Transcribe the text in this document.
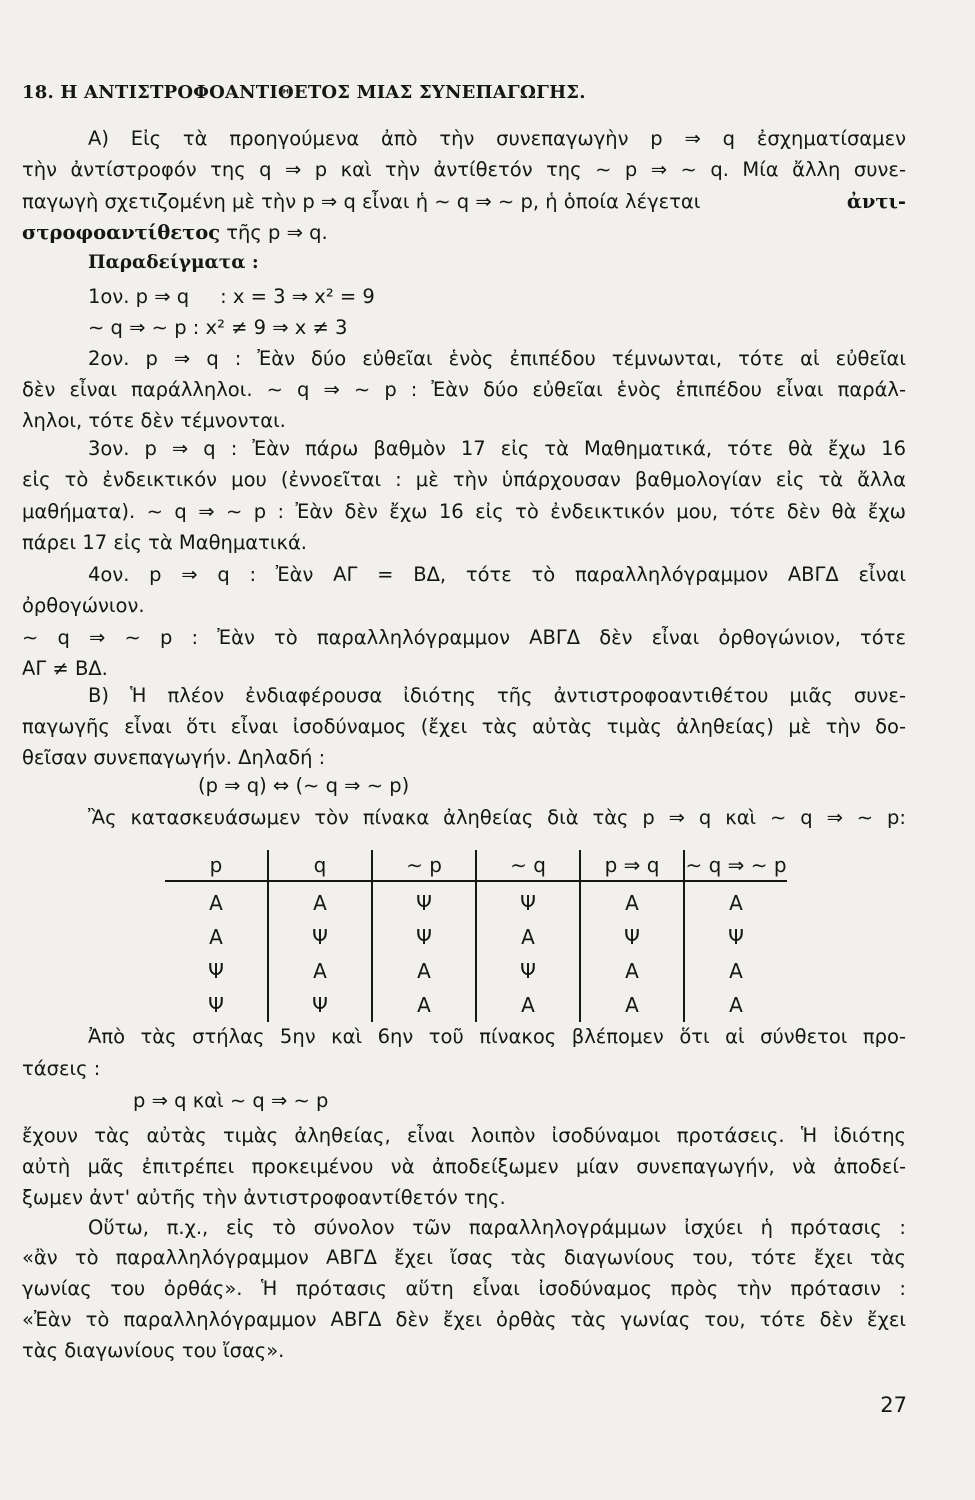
18. Η ΑΝΤΙΣΤΡΟΦΟΑΝΤΙΘΕΤΟΣ ΜΙΑΣ ΣΥΝΕΠΑΓΩΓΗΣ.
Α) Εἰς τὰ προηγούμενα ἀπὸ τὴν συνεπαγωγὴν p ⇒ q ἐσχηματίσαμεν
τὴν ἀντίστροφόν της q ⇒ p καὶ τὴν ἀντίθετόν της ∼ p ⇒ ∼ q. Μία ἄλλη συνε-
παγωγὴ σχετιζομένη μὲ τὴν p ⇒ q εἶναι ἡ ∼ q ⇒ ∼ p, ἡ ὁποία λέγεται	ἀντι-
στροφοαντίθετος τῆς p ⇒ q.
Παραδείγματα :
1ον. p ⇒ q     : x = 3 ⇒ x² = 9
∼ q ⇒ ∼ p : x² ≠ 9 ⇒ x ≠ 3
2ον. p ⇒ q : Ἐὰν δύο εὐθεῖαι ἑνὸς ἐπιπέδου τέμνωνται, τότε αἱ εὐθεῖαι
δὲν εἶναι παράλληλοι. ∼ q ⇒ ∼ p : Ἐὰν δύο εὐθεῖαι ἑνὸς ἐπιπέδου εἶναι παράλ-
ληλοι, τότε δὲν τέμνονται.
3ον. p ⇒ q : Ἐὰν πάρω βαθμὸν 17 εἰς τὰ Μαθηματικά, τότε θὰ ἔχω 16
εἰς τὸ ἐνδεικτικόν μου (ἐννοεῖται : μὲ τὴν ὑπάρχουσαν βαθμολογίαν εἰς τὰ ἄλλα
μαθήματα). ∼ q ⇒ ∼ p : Ἐὰν δὲν ἔχω 16 εἰς τὸ ἐνδεικτικόν μου, τότε δὲν θὰ ἔχω
πάρει 17 εἰς τὰ Μαθηματικά.
4ον. p ⇒ q : Ἐὰν ΑΓ = ΒΔ, τότε τὸ παραλληλόγραμμον ΑΒΓΔ εἶναι
ὀρθογώνιον.
∼ q ⇒ ∼ p : Ἐὰν τὸ παραλληλόγραμμον ΑΒΓΔ δὲν εἶναι ὀρθογώνιον, τότε
ΑΓ ≠ ΒΔ.
Β) Ἡ πλέον ἐνδιαφέρουσα ἰδιότης τῆς ἀντιστροφοαντιθέτου μιᾶς συνε-
παγωγῆς εἶναι ὅτι εἶναι ἰσοδύναμος (ἔχει τὰς αὐτὰς τιμὰς ἀληθείας) μὲ τὴν δο-
θεῖσαν συνεπαγωγήν. Δηλαδή :
(p ⇒ q) ⇔ (∼ q ⇒ ∼ p)
Ἂς κατασκευάσωμεν τὸν πίνακα ἀληθείας διὰ τὰς p ⇒ q καὶ ∼ q ⇒ ∼ p:
p	q	∼ p	∼ q	p ⇒ q	∼ q ⇒ ∼ p
Α	Α	Ψ	Ψ	Α	Α
Α	Ψ	Ψ	Α	Ψ	Ψ
Ψ	Α	Α	Ψ	Α	Α
Ψ	Ψ	Α	Α	Α	Α
Ἀπὸ τὰς στήλας 5ην καὶ 6ην τοῦ πίνακος βλέπομεν ὅτι αἱ σύνθετοι προ-
τάσεις :
p ⇒ q καὶ ∼ q ⇒ ∼ p
ἔχουν τὰς αὐτὰς τιμὰς ἀληθείας, εἶναι λοιπὸν ἰσοδύναμοι προτάσεις. Ἡ ἰδιότης
αὐτὴ μᾶς ἐπιτρέπει προκειμένου νὰ ἀποδείξωμεν μίαν συνεπαγωγήν, νὰ ἀποδεί-
ξωμεν ἀντ' αὐτῆς τὴν ἀντιστροφοαντίθετόν της.
Οὕτω, π.χ., εἰς τὸ σύνολον τῶν παραλληλογράμμων ἰσχύει ἡ πρότασις :
«ἂν τὸ παραλληλόγραμμον ΑΒΓΔ ἔχει ἴσας τὰς διαγωνίους του, τότε ἔχει τὰς
γωνίας του ὀρθάς». Ἡ πρότασις αὕτη εἶναι ἰσοδύναμος πρὸς τὴν πρότασιν :
«Ἐὰν τὸ παραλληλόγραμμον ΑΒΓΔ δὲν ἔχει ὀρθὰς τὰς γωνίας του, τότε δὲν ἔχει
τὰς διαγωνίους του ἴσας».
27
